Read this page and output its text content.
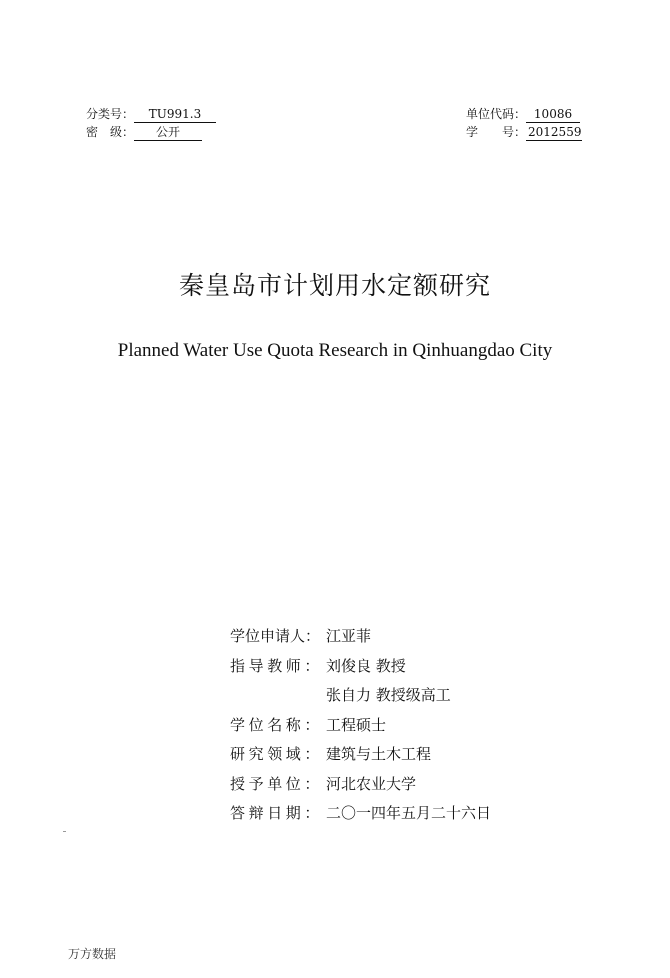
分类号： TU991.3
密　级： 公开
单位代码： 10086
学　　号： 2012559
秦皇岛市计划用水定额研究
Planned Water Use Quota Research in Qinhuangdao City
学位申请人： 江亚菲
指导教师： 刘俊良 教授
张自力 教授级高工
学位名称： 工程硕士
研究领域： 建筑与土木工程
授予单位： 河北农业大学
答辩日期： 二〇一四年五月二十六日
万方数据
